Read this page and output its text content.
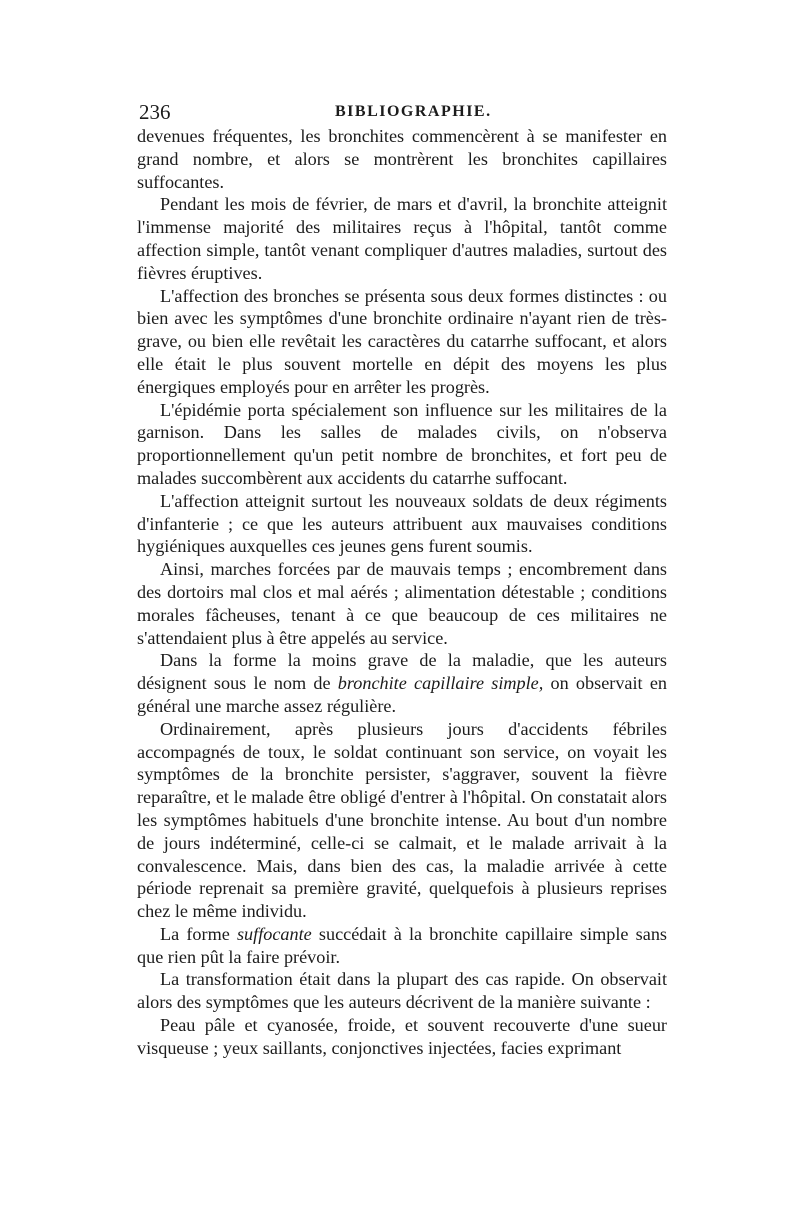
236	BIBLIOGRAPHIE.

devenues fréquentes, les bronchites commencèrent à se manifester en grand nombre, et alors se montrèrent les bronchites capillaires suffocantes.

Pendant les mois de février, de mars et d'avril, la bronchite atteignit l'immense majorité des militaires reçus à l'hôpital, tantôt comme affection simple, tantôt venant compliquer d'autres maladies, surtout des fièvres éruptives.

L'affection des bronches se présenta sous deux formes distinctes : ou bien avec les symptômes d'une bronchite ordinaire n'ayant rien de très-grave, ou bien elle revêtait les caractères du catarrhe suffocant, et alors elle était le plus souvent mortelle en dépit des moyens les plus énergiques employés pour en arrêter les progrès.

L'épidémie porta spécialement son influence sur les militaires de la garnison. Dans les salles de malades civils, on n'observa proportionnellement qu'un petit nombre de bronchites, et fort peu de malades succombèrent aux accidents du catarrhe suffocant.

L'affection atteignit surtout les nouveaux soldats de deux régiments d'infanterie ; ce que les auteurs attribuent aux mauvaises conditions hygiéniques auxquelles ces jeunes gens furent soumis.

Ainsi, marches forcées par de mauvais temps ; encombrement dans des dortoirs mal clos et mal aérés ; alimentation détestable ; conditions morales fâcheuses, tenant à ce que beaucoup de ces militaires ne s'attendaient plus à être appelés au service.

Dans la forme la moins grave de la maladie, que les auteurs désignent sous le nom de bronchite capillaire simple, on observait en général une marche assez régulière.

Ordinairement, après plusieurs jours d'accidents fébriles accompagnés de toux, le soldat continuant son service, on voyait les symptômes de la bronchite persister, s'aggraver, souvent la fièvre reparaître, et le malade être obligé d'entrer à l'hôpital. On constatait alors les symptômes habituels d'une bronchite intense. Au bout d'un nombre de jours indéterminé, celle-ci se calmait, et le malade arrivait à la convalescence. Mais, dans bien des cas, la maladie arrivée à cette période reprenait sa première gravité, quelquefois à plusieurs reprises chez le même individu.

La forme suffocante succédait à la bronchite capillaire simple sans que rien pût la faire prévoir.

La transformation était dans la plupart des cas rapide. On observait alors des symptômes que les auteurs décrivent de la manière suivante :

Peau pâle et cyanosée, froide, et souvent recouverte d'une sueur visqueuse ; yeux saillants, conjonctives injectées, facies exprimant
